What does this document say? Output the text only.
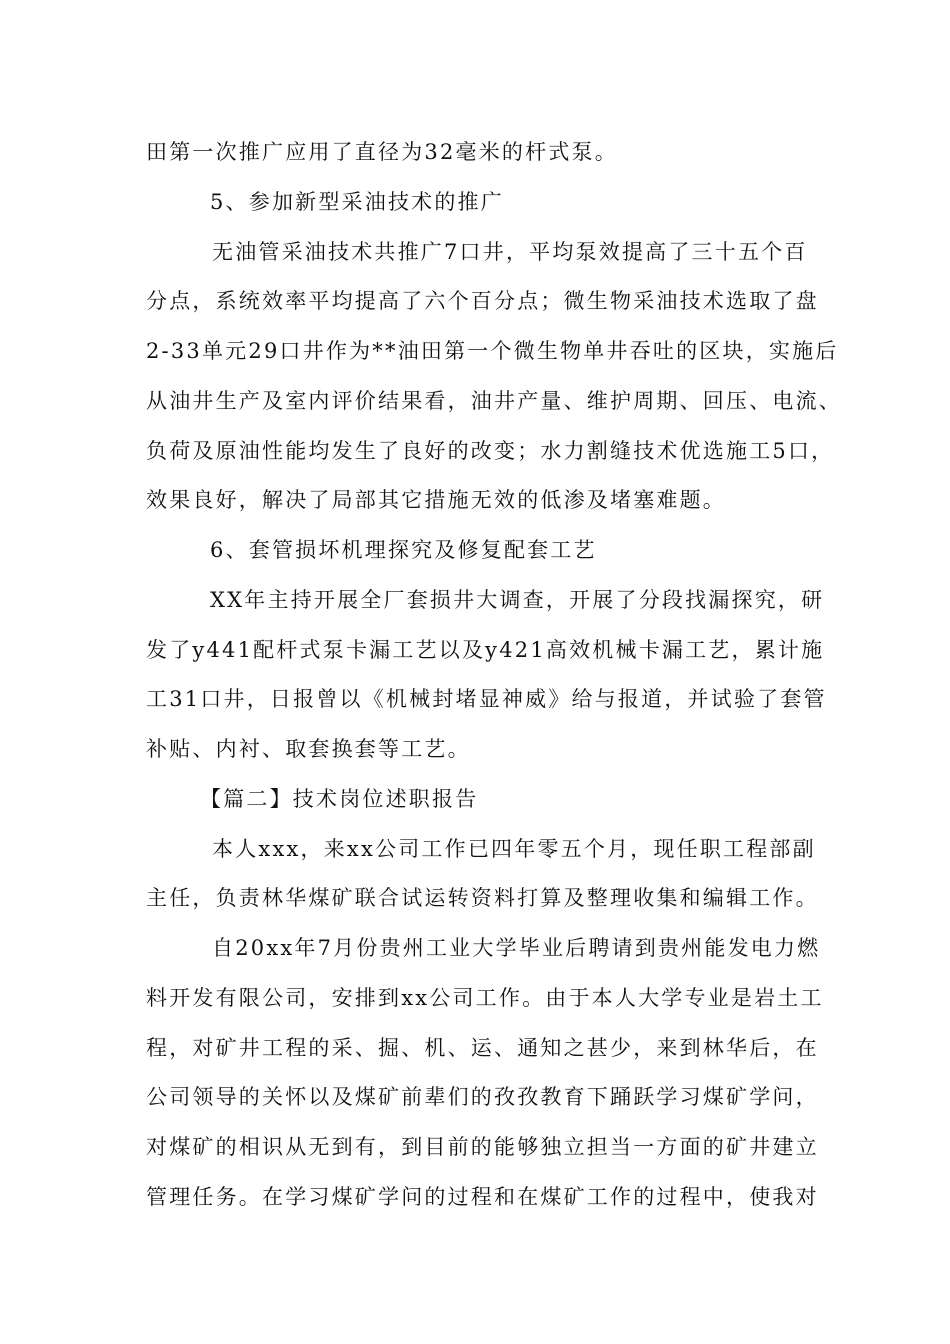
田第一次推广应用了直径为32毫米的杆式泵。
5、参加新型采油技术的推广
无油管采油技术共推广7口井，平均泵效提高了三十五个百
分点，系统效率平均提高了六个百分点；微生物采油技术选取了盘
2-33单元29口井作为**油田第一个微生物单井吞吐的区块，实施后
从油井生产及室内评价结果看，油井产量、维护周期、回压、电流、
负荷及原油性能均发生了良好的改变；水力割缝技术优选施工5口，
效果良好，解决了局部其它措施无效的低渗及堵塞难题。
6、套管损坏机理探究及修复配套工艺
XX年主持开展全厂套损井大调查，开展了分段找漏探究，研
发了y441配杆式泵卡漏工艺以及y421高效机械卡漏工艺，累计施
工31口井，日报曾以《机械封堵显神威》给与报道，并试验了套管
补贴、内衬、取套换套等工艺。
【篇二】技术岗位述职报告
本人xxx，来xx公司工作已四年零五个月，现任职工程部副
主任，负责林华煤矿联合试运转资料打算及整理收集和编辑工作。
自20xx年7月份贵州工业大学毕业后聘请到贵州能发电力燃
料开发有限公司，安排到xx公司工作。由于本人大学专业是岩土工
程，对矿井工程的采、掘、机、运、通知之甚少，来到林华后，在
公司领导的关怀以及煤矿前辈们的孜孜教育下踊跃学习煤矿学问，
对煤矿的相识从无到有，到目前的能够独立担当一方面的矿井建立
管理任务。在学习煤矿学问的过程和在煤矿工作的过程中，使我对
